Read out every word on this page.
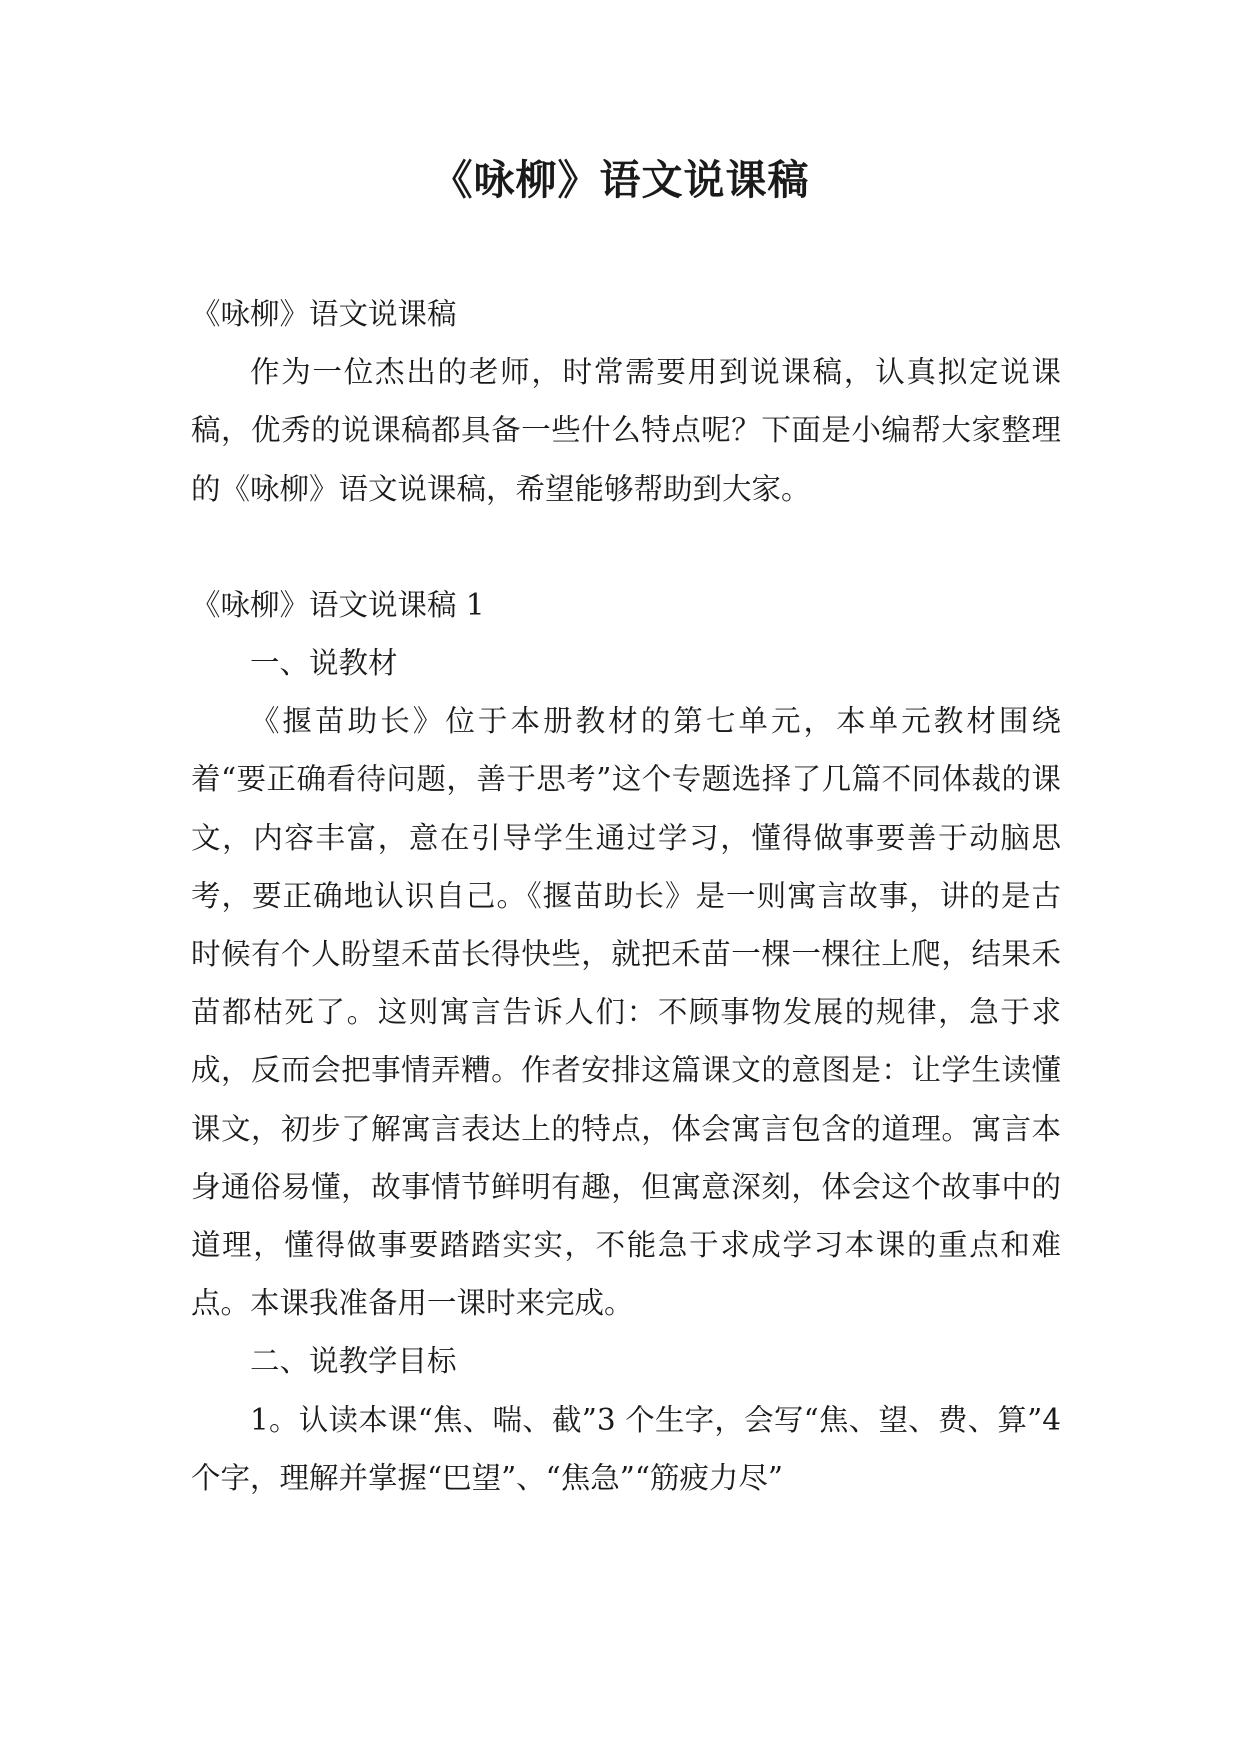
《咏柳》语文说课稿

《咏柳》语文说课稿

作为一位杰出的老师，时常需要用到说课稿，认真拟定说课稿，优秀的说课稿都具备一些什么特点呢？下面是小编帮大家整理的《咏柳》语文说课稿，希望能够帮助到大家。

《咏柳》语文说课稿 1

一、说教材

《揠苗助长》位于本册教材的第七单元，本单元教材围绕着“要正确看待问题，善于思考”这个专题选择了几篇不同体裁的课文，内容丰富，意在引导学生通过学习，懂得做事要善于动脑思考，要正确地认识自己。《揠苗助长》是一则寓言故事，讲的是古时候有个人盼望禾苗长得快些，就把禾苗一棵一棵往上爬，结果禾苗都枯死了。这则寓言告诉人们：不顾事物发展的规律，急于求成，反而会把事情弄糟。作者安排这篇课文的意图是：让学生读懂课文，初步了解寓言表达上的特点，体会寓言包含的道理。寓言本身通俗易懂，故事情节鲜明有趣，但寓意深刻，体会这个故事中的道理，懂得做事要踏踏实实，不能急于求成学习本课的重点和难点。本课我准备用一课时来完成。

二、说教学目标

1。认读本课“焦、喘、截”3 个生字，会写“焦、望、费、算”4 个字，理解并掌握“巴望”、“焦急”“筋疲力尽”
